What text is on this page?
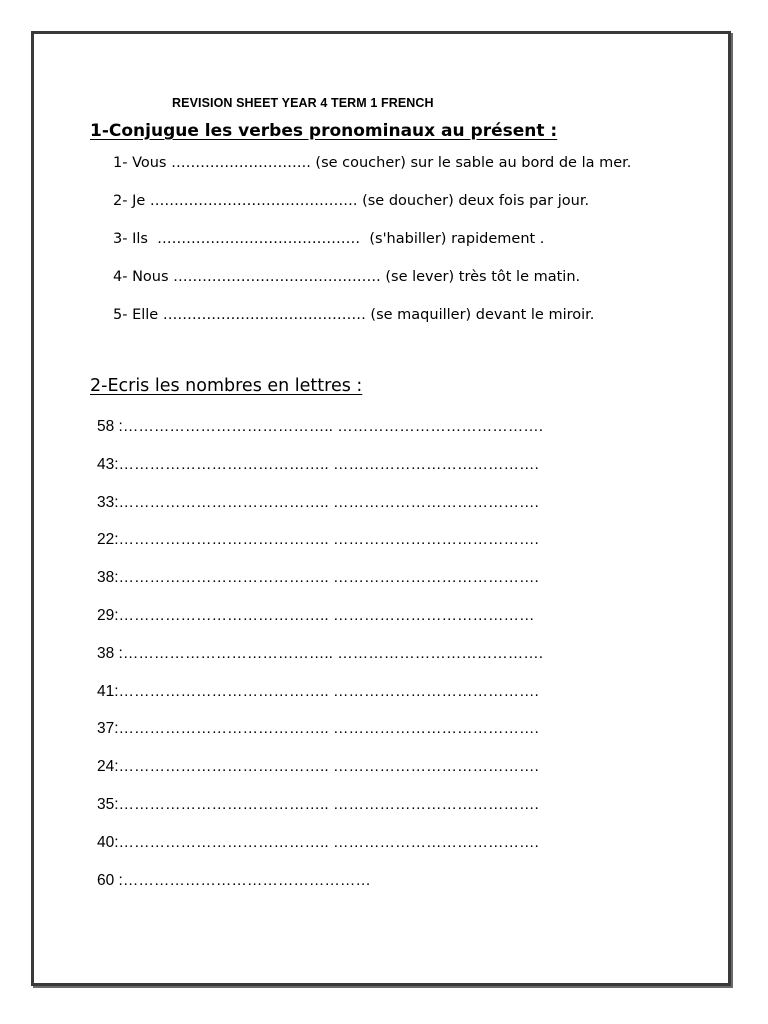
REVISION SHEET YEAR 4 TERM 1 FRENCH
1-Conjugue les verbes pronominaux au présent :
1- Vous ……………………….. (se coucher) sur le sable au bord de la mer.
2- Je ……………………………………. (se doucher) deux fois par jour.
3- Ils  ……………………………………  (s'habiller) rapidement .
4- Nous ……………………………………. (se lever) très tôt le matin.
5- Elle …………………………………… (se maquiller) devant le miroir.
2-Ecris les nombres en lettres :
58 :………………………………….. ………………………………….
43:………………………………….. ………………………………….
33:………………………………….. ………………………………….
22:………………………………….. ………………………………….
38:………………………………….. ………………………………….
29:………………………………….. …………………………………
38 :………………………………….. ………………………………….
41:………………………………….. ………………………………….
37:………………………………….. ………………………………….
24:………………………………….. ………………………………….
35:………………………………….. ………………………………….
40:………………………………….. ………………………………….
60 :…………………………………………
